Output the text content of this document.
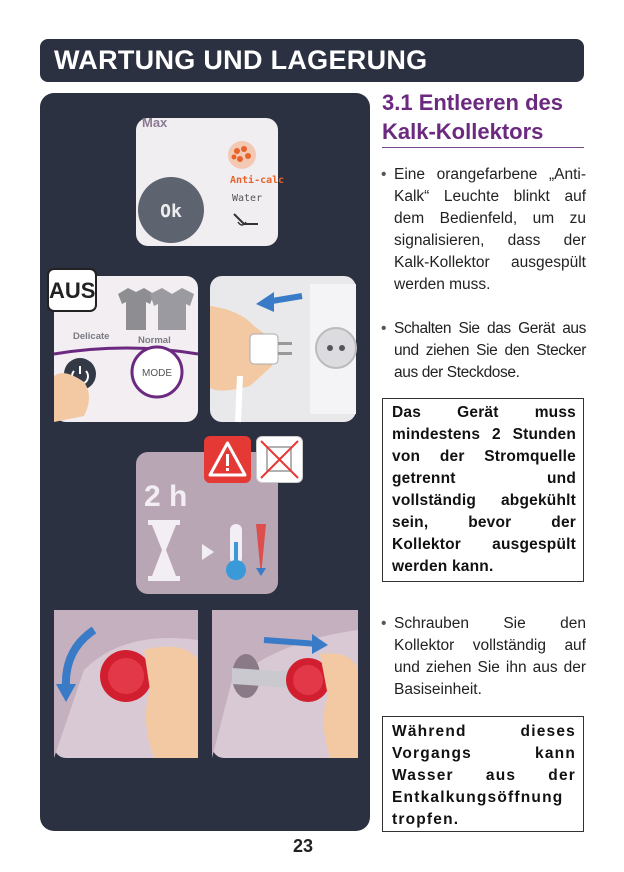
WARTUNG UND LAGERUNG
Max
Ok
Anti-calc
Water
Delicate	Normal
MODE
AUS
2 h
3.1 Entleeren des
Kalk-Kollektors
• Eine orangefarbene „Anti-Kalk“ Leuchte blinkt auf dem Bedienfeld, um zu signalisieren, dass der Kalk-Kollektor ausgespült werden muss.
• Schalten Sie das Gerät aus und ziehen Sie den Stecker aus der Steckdose.
Das Gerät muss mindestens 2 Stunden von der Stromquelle getrennt und vollständig abgekühlt sein, bevor der Kollektor ausgespült werden kann.
• Schrauben Sie den Kollektor vollständig auf und ziehen Sie ihn aus der Basiseinheit.
Während dieses Vorgangs kann Wasser aus der Entkalkungsöffnung tropfen.
23
